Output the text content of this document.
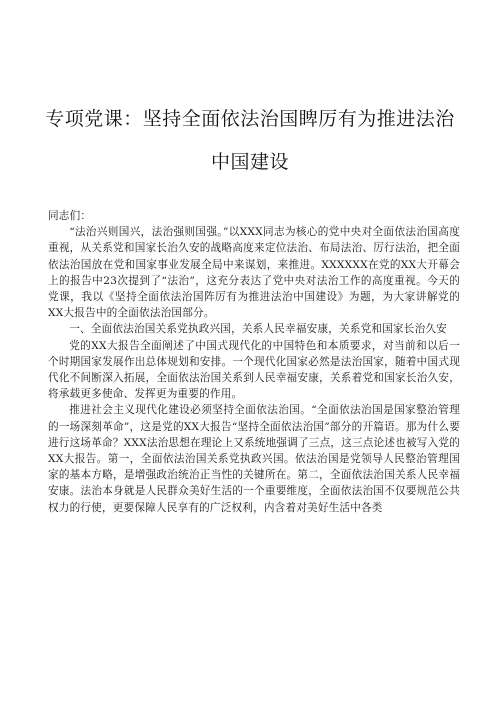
专项党课：坚持全面依法治国睥厉有为推进法治
中国建设

同志们：

“法治兴则国兴，法治强则国强。”以XXX同志为核心的党中央对全面依法治国高度重视，从关系党和国家长治久安的战略高度来定位法治、布局法治、厉行法治，把全面依法治国放在党和国家事业发展全局中来谋划，来推进。XXXXXX在党的XX大开幕会上的报告中23次提到了“法治”，这充分表达了党中央对法治工作的高度重视。今天的党课，我以《坚持全面依法治国阵厉有为推进法治中国建设》为题，为大家讲解党的XX大报告中的全面依法治国部分。

一、全面依法治国关系党执政兴国，关系人民幸福安康，关系党和国家长治久安

党的XX大报告全面阐述了中国式现代化的中国特色和本质要求，对当前和以后一个时期国家发展作出总体规划和安排。一个现代化国家必然是法治国家，随着中国式现代化不间断深入拓展，全面依法治国关系到人民幸福安康，关系着党和国家长治久安，将承载更多使命、发挥更为重要的作用。

推进社会主义现代化建设必须坚持全面依法治国。“全面依法治国是国家整治管理的一场深刻革命”，这是党的XX大报告“坚持全面依法治国”部分的开篇语。那为什么要进行这场革命？XXX法治思想在理论上又系统地强调了三点，这三点论述也被写入党的XX大报告。第一，全面依法治国关系党执政兴国。依法治国是党领导人民整治管理国家的基本方略，是增强政治统治正当性的关键所在。第二，全面依法治国关系人民幸福安康。法治本身就是人民群众美好生活的一个重要维度，全面依法治国不仅要规范公共权力的行使，更要保障人民享有的广泛权利，内含着对美好生活中各类
